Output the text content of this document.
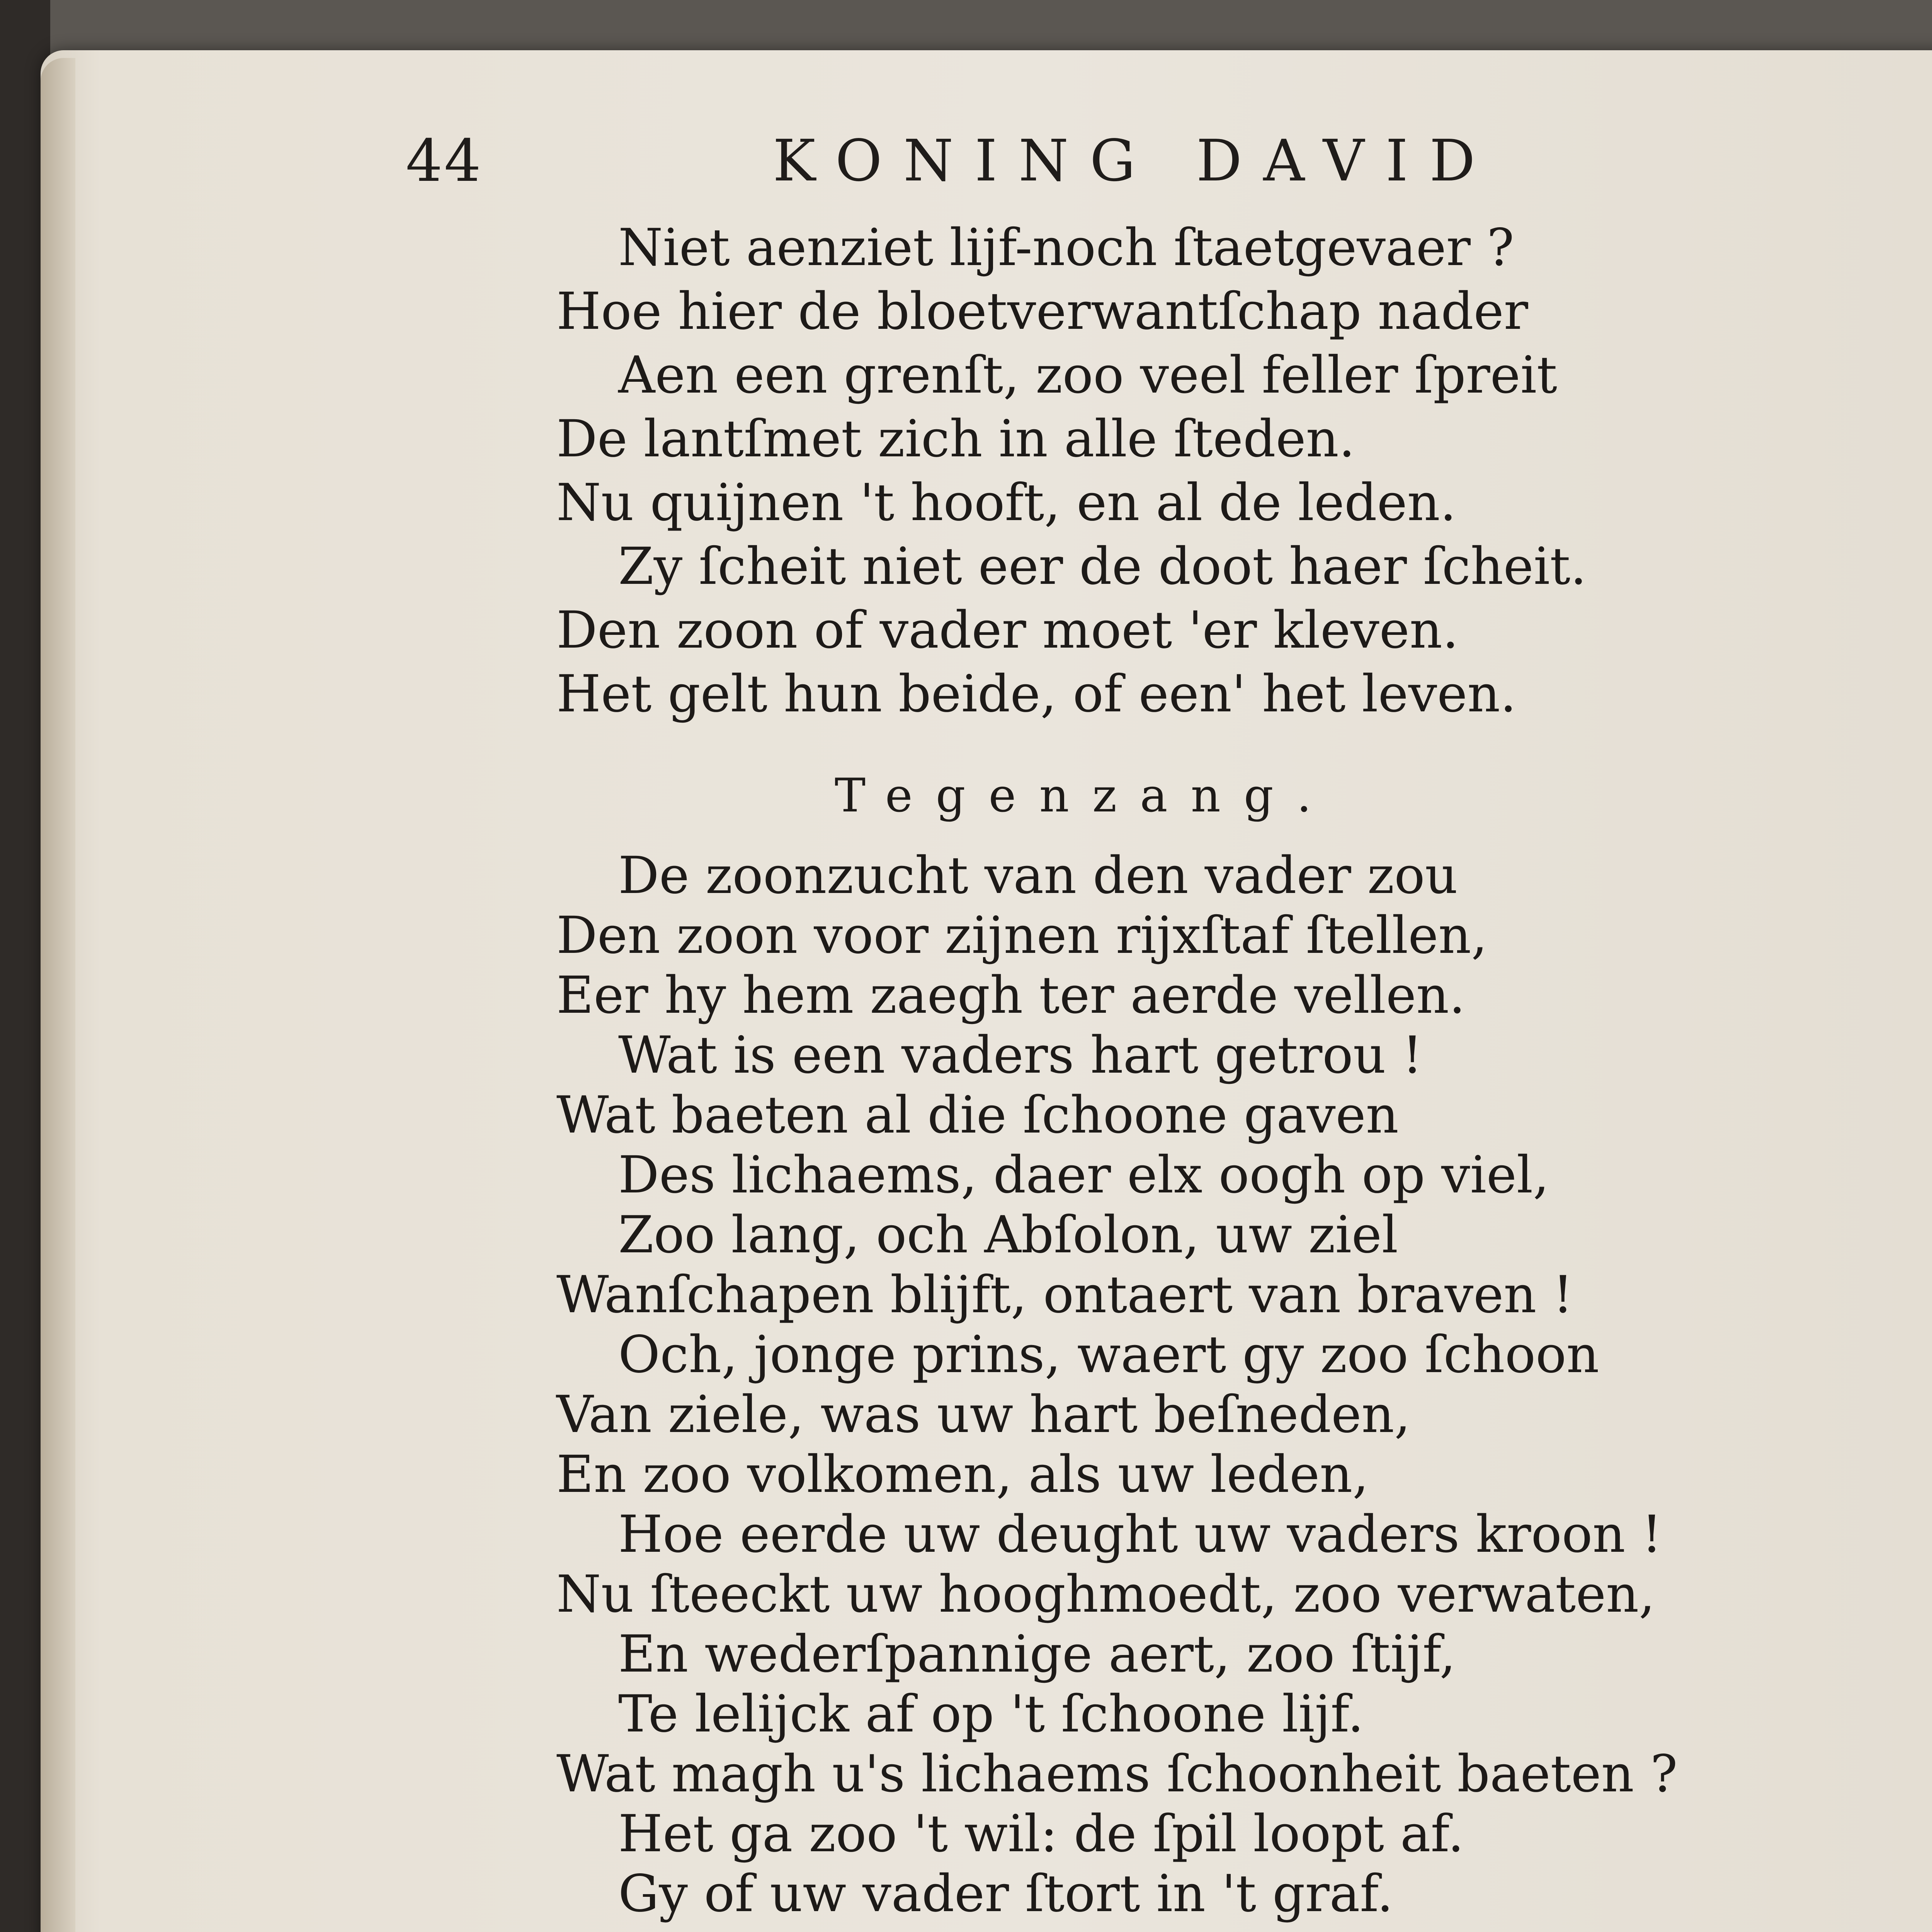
44	KONING DAVID
Niet aenziet lijf-noch ſtaetgevaer ?
Hoe hier de bloetverwantſchap nader
Aen een grenſt, zoo veel feller ſpreit
De lantſmet zich in alle ſteden.
Nu quijnen 't hooft, en al de leden.
Zy ſcheit niet eer de doot haer ſcheit.
Den zoon of vader moet 'er kleven.
Het gelt hun beide, of een' het leven.
Tegenzang.
De zoonzucht van den vader zou
Den zoon voor zijnen rijxſtaf ſtellen,
Eer hy hem zaegh ter aerde vellen.
Wat is een vaders hart getrou !
Wat baeten al die ſchoone gaven
Des lichaems, daer elx oogh op viel,
Zoo lang, och Abſolon, uw ziel
Wanſchapen blijft, ontaert van braven !
Och, jonge prins, waert gy zoo ſchoon
Van ziele, was uw hart beſneden,
En zoo volkomen, als uw leden,
Hoe eerde uw deught uw vaders kroon !
Nu ſteeckt uw hooghmoedt, zoo verwaten,
En wederſpannige aert, zoo ſtijf,
Te lelijck af op 't ſchoone lijf.
Wat magh u's lichaems ſchoonheit baeten ?
Het ga zoo 't wil: de ſpil loopt af.
Gy of uw vader ſtort in 't graf.
